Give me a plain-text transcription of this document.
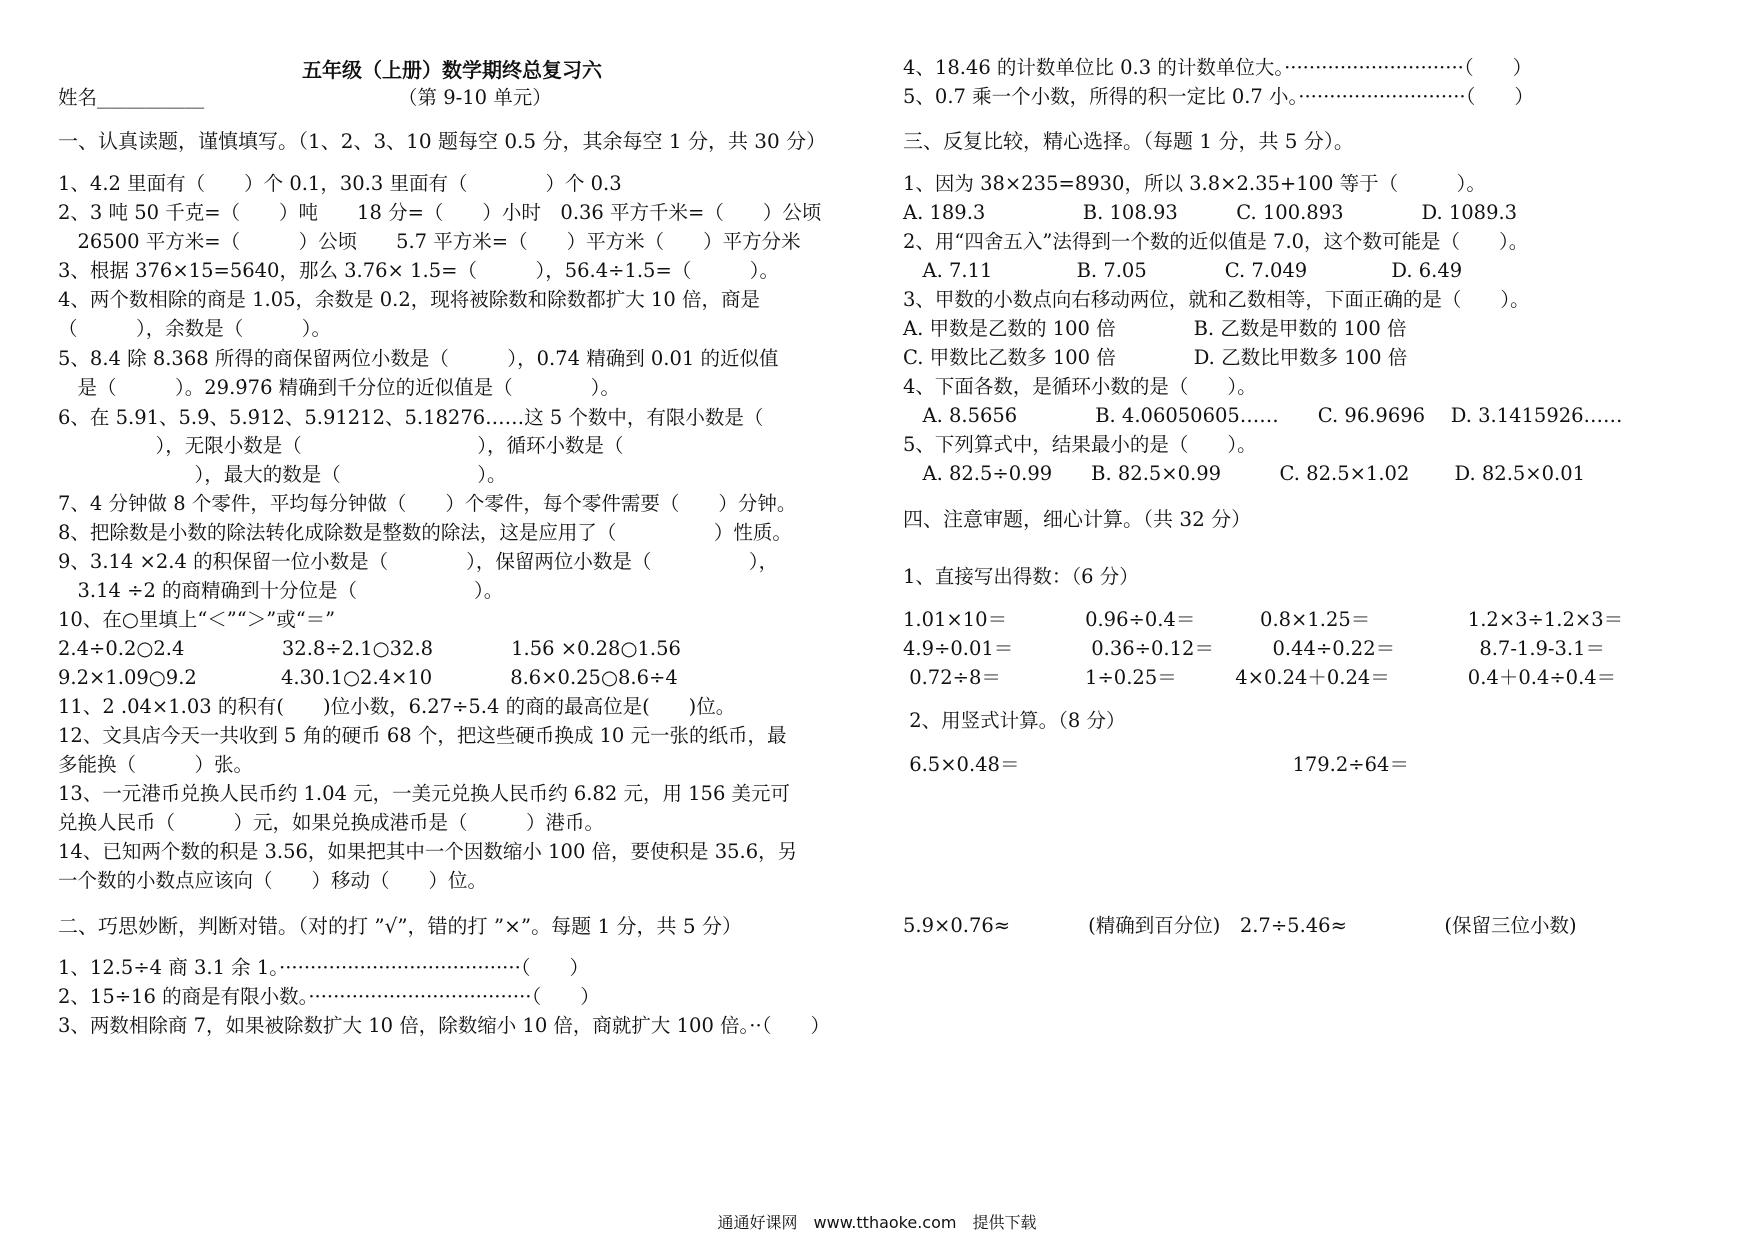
五年级（上册）数学期终总复习六
姓名___________	（第 9-10 单元）
一、认真读题，谨慎填写。（1、2、3、10 题每空 0.5 分，其余每空 1 分，共 30 分）
1、4.2 里面有（　　）个 0.1，30.3 里面有（　　　　）个 0.3
2、3 吨 50 千克=（　　）吨　　18 分=（　　）小时　0.36 平方千米=（　　）公顷
　26500 平方米=（　　　）公顷　　5.7 平方米=（　　）平方米（　　）平方分米
3、根据 376×15=5640，那么 3.76× 1.5=（　　　），56.4÷1.5=（　　　）。
4、两个数相除的商是 1.05，余数是 0.2，现将被除数和除数都扩大 10 倍，商是
（　　　），余数是（　　　）。
5、8.4 除 8.368 所得的商保留两位小数是（　　　），0.7̇4̇ 精确到 0.01 的近似值
　是（　　　）。29.9̇76̇ 精确到千分位的近似值是（　　　　）。
6、在 5.91、5.9̇、5.9̇12̇、5.91212、5.18276……这 5 个数中，有限小数是（
　　　　　），无限小数是（　　　　　　　　　），循环小数是（
　　　　　　　），最大的数是（　　　　　　　）。
7、4 分钟做 8 个零件，平均每分钟做（　　）个零件，每个零件需要（　　）分钟。
8、把除数是小数的除法转化成除数是整数的除法，这是应用了（　　　　　）性质。
9、3.14 ×2.4 的积保留一位小数是（　　　　），保留两位小数是（　　　　　），
　3.14 ÷2 的商精确到十分位是（　　　　　　）。
10、在○里填上“＜”“＞”或“＝”
2.4÷0.2○2.4　　　　　32.8÷2.1○32.8　　　　1.56 ×0.28○1.56
9.2×1.09○9.2　　　　 4.30.1○2.4×10　　　　8.6×0.25○8.6÷4
11、2 .04×1.03 的积有(　　)位小数，6.27÷5.4 的商的最高位是(　　)位。
12、文具店今天一共收到 5 角的硬币 68 个，把这些硬币换成 10 元一张的纸币，最
多能换（　　　）张。
13、一元港币兑换人民币约 1.04 元，一美元兑换人民币约 6.82 元，用 156 美元可
兑换人民币（　　　）元，如果兑换成港币是（　　　）港币。
14、已知两个数的积是 3.56，如果把其中一个因数缩小 100 倍，要使积是 35.6，另
一个数的小数点应该向（　　）移动（　　）位。
二、巧思妙断，判断对错。（对的打 ”√”，错的打 ”×”。每题 1 分，共 5 分）
1、12.5÷4 商 3.1 余 1。·······································（　　）
2、15÷16 的商是有限小数。····································（　　）
3、两数相除商 7，如果被除数扩大 10 倍，除数缩小 10 倍，商就扩大 100 倍。··（　　）
4、18.46 的计数单位比 0.3 的计数单位大。·····························（　　）
5、0.7 乘一个小数，所得的积一定比 0.7 小。···························（　　）
三、反复比较，精心选择。（每题 1 分，共 5 分）。
1、因为 38×235=8930，所以 3.8×2.35+100 等于（　　　）。
A. 189.3　　　　　B. 108.93　　　C. 100.893　　　　D. 1089.3
2、用“四舍五入”法得到一个数的近似值是 7.0，这个数可能是（　　）。
　A. 7.11　　　　 B. 7.05　　　　C. 7.049　　　　 D. 6.49
3、甲数的小数点向右移动两位，就和乙数相等，下面正确的是（　　）。
A. 甲数是乙数的 100 倍　　　　B. 乙数是甲数的 100 倍
C. 甲数比乙数多 100 倍　　　　D. 乙数比甲数多 100 倍
4、下面各数，是循环小数的是（　　）。
　A. 8.5656　　　　B. 4.06050605……　　C. 96.9696　 D. 3.1415926……
5、下列算式中，结果最小的是（　　）。
　A. 82.5÷0.99　　B. 82.5×0.99　　　C. 82.5×1.02　　 D. 82.5×0.01
四、注意审题，细心计算。（共 32 分）
1、直接写出得数：（6 分）
1.01×10＝　　　　0.96÷0.4＝　　　 0.8×1.25＝　　　　　1.2×3÷1.2×3＝
4.9÷0.01＝　　　　0.36÷0.12＝　　　0.44÷0.22＝　　　　 8.7-1.9-3.1＝
0.72÷8＝　　　　 1÷0.25＝　　　4×0.24＋0.24＝　　　　0.4＋0.4÷0.4＝
2、用竖式计算。（8 分）
6.5×0.48＝　　　　　　　　　　　　　　179.2÷64＝
5.9×0.76≈　　　　(精确到百分位)　2.7÷5.46≈　　　　　(保留三位小数)
通通好课网　www.tthaoke.com　提供下载
